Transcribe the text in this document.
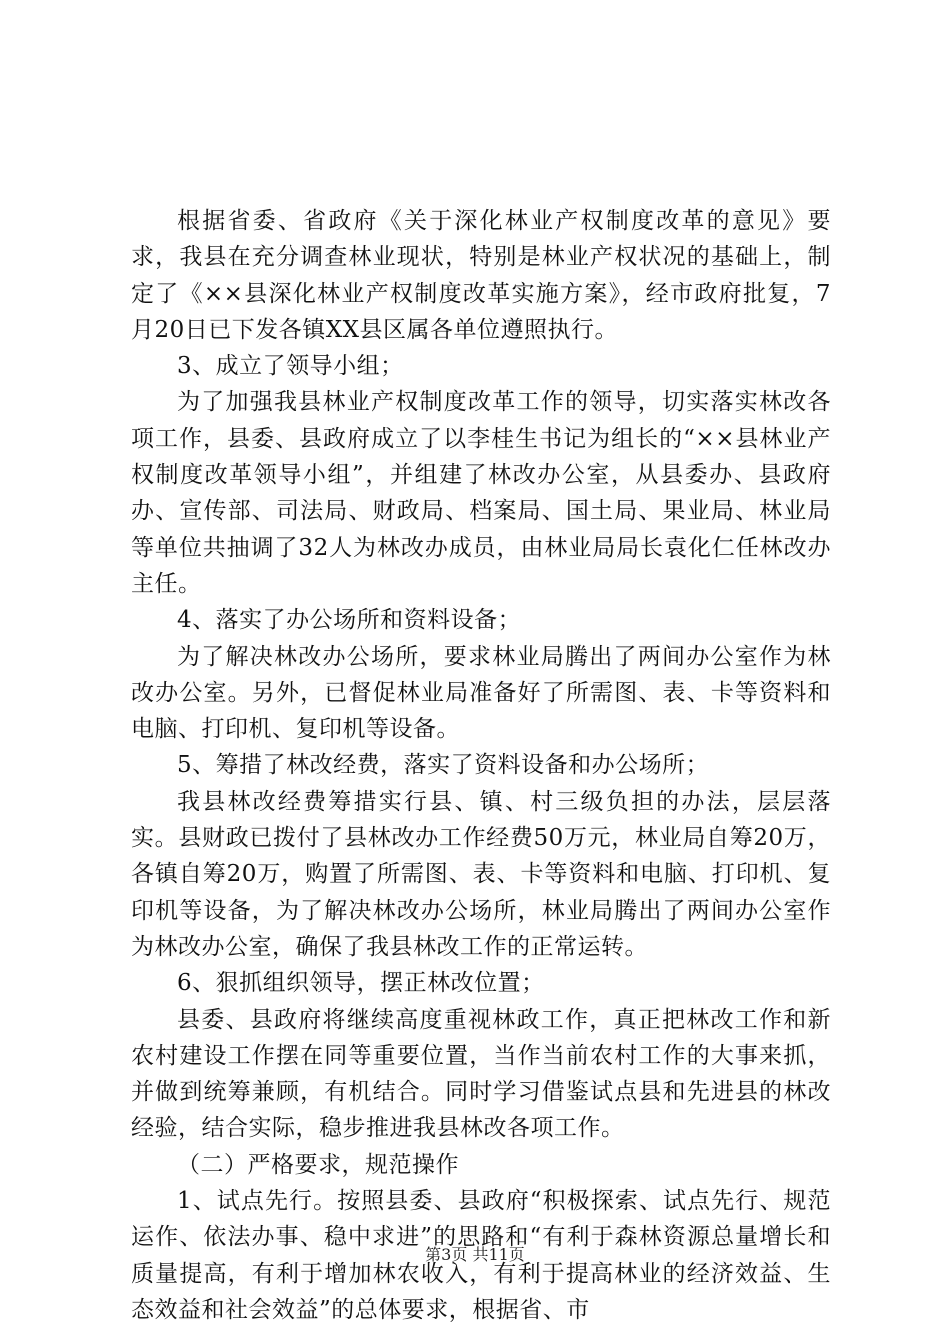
根据省委、省政府《关于深化林业产权制度改革的意见》要求，我县在充分调查林业现状，特别是林业产权状况的基础上，制定了《××县深化林业产权制度改革实施方案》，经市政府批复，7月20日已下发各镇XX县区属各单位遵照执行。

3、成立了领导小组；

为了加强我县林业产权制度改革工作的领导，切实落实林改各项工作，县委、县政府成立了以李桂生书记为组长的“××县林业产权制度改革领导小组”，并组建了林改办公室，从县委办、县政府办、宣传部、司法局、财政局、档案局、国土局、果业局、林业局等单位共抽调了32人为林改办成员，由林业局局长袁化仁任林改办主任。

4、落实了办公场所和资料设备；

为了解决林改办公场所，要求林业局腾出了两间办公室作为林改办公室。另外，已督促林业局准备好了所需图、表、卡等资料和电脑、打印机、复印机等设备。

5、筹措了林改经费，落实了资料设备和办公场所；

我县林改经费筹措实行县、镇、村三级负担的办法，层层落实。县财政已拨付了县林改办工作经费50万元，林业局自筹20万，各镇自筹20万，购置了所需图、表、卡等资料和电脑、打印机、复印机等设备，为了解决林改办公场所，林业局腾出了两间办公室作为林改办公室，确保了我县林改工作的正常运转。

6、狠抓组织领导，摆正林改位置；

县委、县政府将继续高度重视林政工作，真正把林改工作和新农村建设工作摆在同等重要位置，当作当前农村工作的大事来抓，并做到统筹兼顾，有机结合。同时学习借鉴试点县和先进县的林改经验，结合实际，稳步推进我县林改各项工作。

（二）严格要求，规范操作

1、试点先行。按照县委、县政府“积极探索、试点先行、规范运作、依法办事、稳中求进”的思路和“有利于森林资源总量增长和质量提高，有利于增加林农收入，有利于提高林业的经济效益、生态效益和社会效益”的总体要求，根据省、市

第3页 共11页
